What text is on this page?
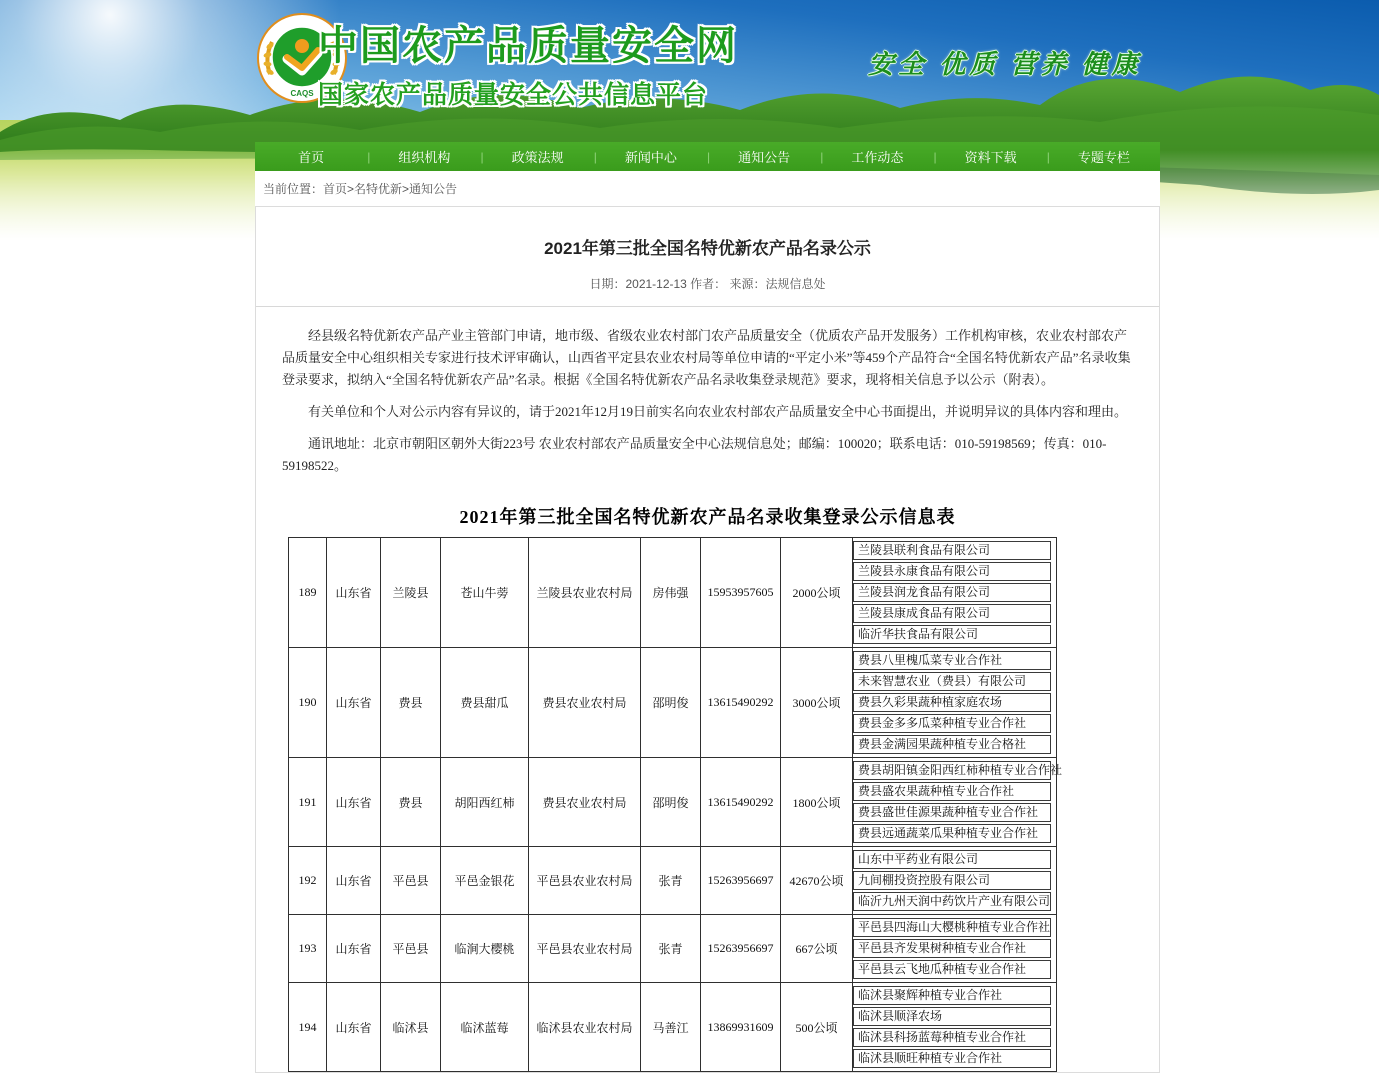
CAQS
中国农产品质量安全网
国家农产品质量安全公共信息平台
安全 优质 营养 健康
首页	|	组织机构	|	政策法规	|	新闻中心	|	通知公告	|	工作动态	|	资料下载	|	专题专栏
当前位置：首页>名特优新>通知公告
2021年第三批全国名特优新农产品名录公示
日期：2021-12-13 作者： 来源：法规信息处

经县级名特优新农产品产业主管部门申请，地市级、省级农业农村部门农产品质量安全（优质农产品开发服务）工作机构审核，农业农村部农产品质量安全中心组织相关专家进行技术评审确认，山西省平定县农业农村局等单位申请的“平定小米”等459个产品符合“全国名特优新农产品”名录收集登录要求，拟纳入“全国名特优新农产品”名录。根据《全国名特优新农产品名录收集登录规范》要求，现将相关信息予以公示（附表）。

有关单位和个人对公示内容有异议的，请于2021年12月19日前实名向农业农村部农产品质量安全中心书面提出，并说明异议的具体内容和理由。

通讯地址：北京市朝阳区朝外大街223号 农业农村部农产品质量安全中心法规信息处；邮编：100020；联系电话：010-59198569；传真：010-59198522。

2021年第三批全国名特优新农产品名录收集登录公示信息表
189	山东省	兰陵县	苍山牛蒡	兰陵县农业农村局	房伟强	15953957605	2000公顷	兰陵县联利食品有限公司
兰陵县永康食品有限公司
兰陵县润龙食品有限公司
兰陵县康成食品有限公司
临沂华扶食品有限公司

190	山东省	费县	费县甜瓜	费县农业农村局	邵明俊	13615490292	3000公顷	费县八里槐瓜菜专业合作社
未来智慧农业（费县）有限公司
费县久彩果蔬种植家庭农场
费县金多多瓜菜种植专业合作社
费县金满园果蔬种植专业合格社

191	山东省	费县	胡阳西红柿	费县农业农村局	邵明俊	13615490292	1800公顷	费县胡阳镇金阳西红柿种植专业合作社
费县盛农果蔬种植专业合作社
费县盛世佳源果蔬种植专业合作社
费县远通蔬菜瓜果种植专业合作社

192	山东省	平邑县	平邑金银花	平邑县农业农村局	张青	15263956697	42670公顷	山东中平药业有限公司
九间棚投资控股有限公司
临沂九州天润中药饮片产业有限公司

193	山东省	平邑县	临涧大樱桃	平邑县农业农村局	张青	15263956697	667公顷	平邑县四海山大樱桃种植专业合作社
平邑县齐发果树种植专业合作社
平邑县云飞地瓜种植专业合作社

194	山东省	临沭县	临沭蓝莓	临沭县农业农村局	马善江	13869931609	500公顷	临沭县聚辉种植专业合作社
临沭县顺泽农场
临沭县科扬蓝莓种植专业合作社
临沭县顺旺种植专业合作社
